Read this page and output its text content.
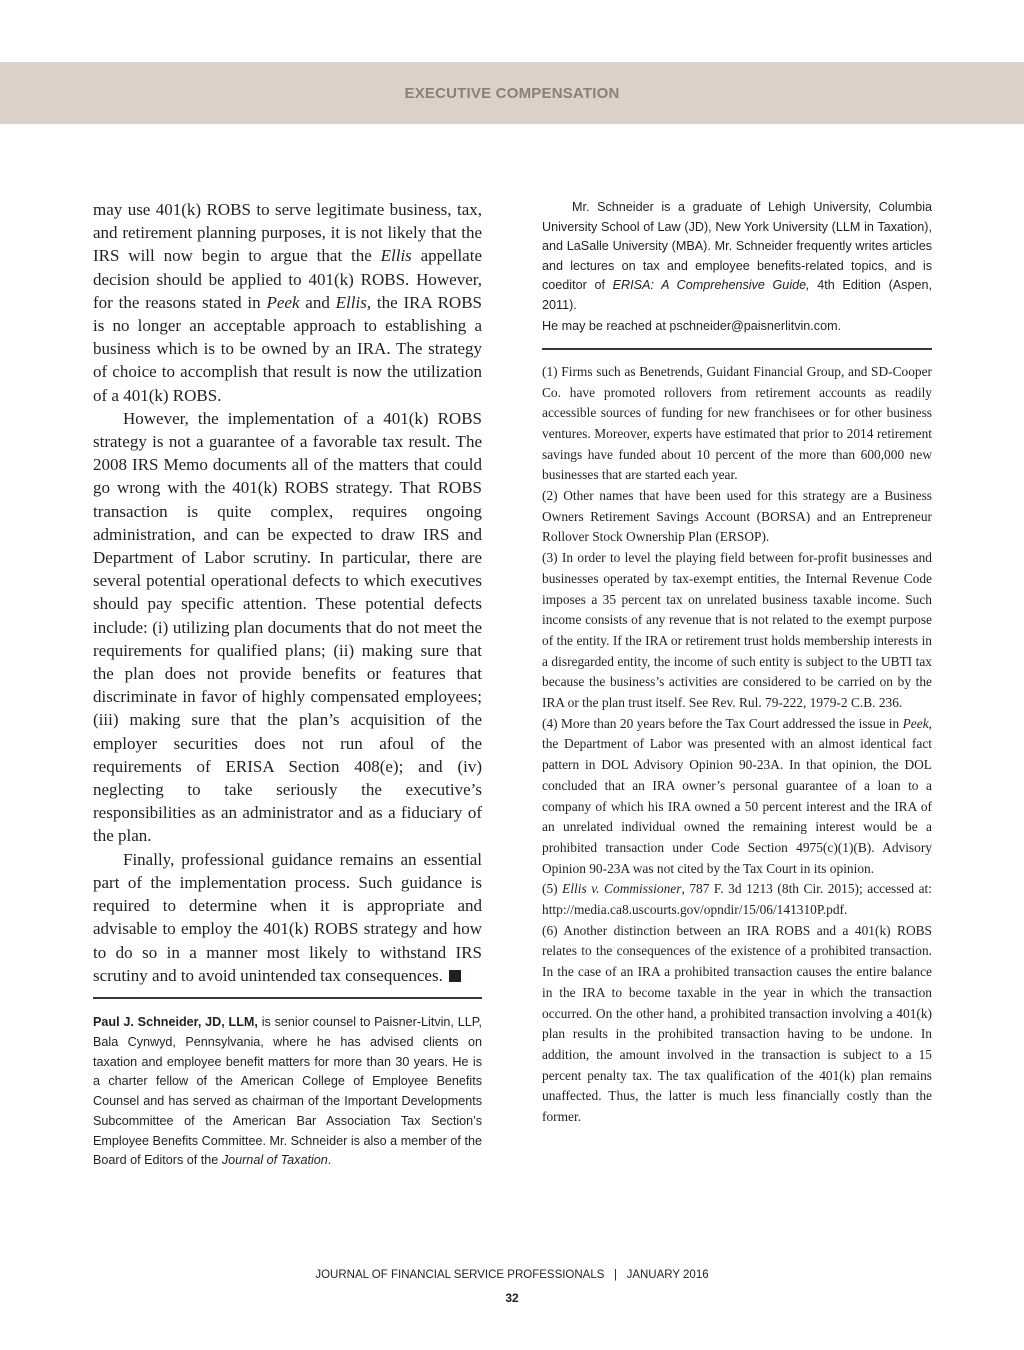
EXECUTIVE COMPENSATION

may use 401(k) ROBS to serve legitimate business, tax, and retirement planning purposes, it is not likely that the IRS will now begin to argue that the Ellis appellate decision should be applied to 401(k) ROBS. However, for the reasons stated in Peek and Ellis, the IRA ROBS is no longer an acceptable approach to establishing a business which is to be owned by an IRA. The strategy of choice to accomplish that result is now the utilization of a 401(k) ROBS.

However, the implementation of a 401(k) ROBS strategy is not a guarantee of a favorable tax result. The 2008 IRS Memo documents all of the matters that could go wrong with the 401(k) ROBS strategy. That ROBS transaction is quite complex, requires ongoing administration, and can be expected to draw IRS and Department of Labor scrutiny. In particular, there are several potential operational defects to which executives should pay specific attention. These potential defects include: (i) utilizing plan documents that do not meet the requirements for qualified plans; (ii) making sure that the plan does not provide benefits or features that discriminate in favor of highly compensated employees; (iii) making sure that the plan’s acquisition of the employer securities does not run afoul of the requirements of ERISA Section 408(e); and (iv) neglecting to take seriously the executive’s responsibilities as an administrator and as a fiduciary of the plan.

Finally, professional guidance remains an essential part of the implementation process. Such guidance is required to determine when it is appropriate and advisable to employ the 401(k) ROBS strategy and how to do so in a manner most likely to withstand IRS scrutiny and to avoid unintended tax consequences.

Paul J. Schneider, JD, LLM, is senior counsel to Paisner-Litvin, LLP, Bala Cynwyd, Pennsylvania, where he has advised clients on taxation and employee benefit matters for more than 30 years. He is a charter fellow of the American College of Employee Benefits Counsel and has served as chairman of the Important Developments Subcommittee of the American Bar Association Tax Section’s Employee Benefits Committee. Mr. Schneider is also a member of the Board of Editors of the Journal of Taxation.

Mr. Schneider is a graduate of Lehigh University, Columbia University School of Law (JD), New York University (LLM in Taxation), and LaSalle University (MBA). Mr. Schneider frequently writes articles and lectures on tax and employee benefits-related topics, and is coeditor of ERISA: A Comprehensive Guide, 4th Edition (Aspen, 2011).

He may be reached at pschneider@paisnerlitvin.com.

(1) Firms such as Benetrends, Guidant Financial Group, and SD-Cooper Co. have promoted rollovers from retirement accounts as readily accessible sources of funding for new franchisees or for other business ventures. Moreover, experts have estimated that prior to 2014 retirement savings have funded about 10 percent of the more than 600,000 new businesses that are started each year.

(2) Other names that have been used for this strategy are a Business Owners Retirement Savings Account (BORSA) and an Entrepreneur Rollover Stock Ownership Plan (ERSOP).

(3) In order to level the playing field between for-profit businesses and businesses operated by tax-exempt entities, the Internal Revenue Code imposes a 35 percent tax on unrelated business taxable income. Such income consists of any revenue that is not related to the exempt purpose of the entity. If the IRA or retirement trust holds membership interests in a disregarded entity, the income of such entity is subject to the UBTI tax because the business’s activities are considered to be carried on by the IRA or the plan trust itself. See Rev. Rul. 79-222, 1979-2 C.B. 236.

(4) More than 20 years before the Tax Court addressed the issue in Peek, the Department of Labor was presented with an almost identical fact pattern in DOL Advisory Opinion 90-23A. In that opinion, the DOL concluded that an IRA owner’s personal guarantee of a loan to a company of which his IRA owned a 50 percent interest and the IRA of an unrelated individual owned the remaining interest would be a prohibited transaction under Code Section 4975(c)(1)(B). Advisory Opinion 90-23A was not cited by the Tax Court in its opinion.

(5) Ellis v. Commissioner, 787 F. 3d 1213 (8th Cir. 2015); accessed at: http://media.ca8.uscourts.gov/opndir/15/06/141310P.pdf.

(6) Another distinction between an IRA ROBS and a 401(k) ROBS relates to the consequences of the existence of a prohibited transaction. In the case of an IRA a prohibited transaction causes the entire balance in the IRA to become taxable in the year in which the transaction occurred. On the other hand, a prohibited transaction involving a 401(k) plan results in the prohibited transaction having to be undone. In addition, the amount involved in the transaction is subject to a 15 percent penalty tax. The tax qualification of the 401(k) plan remains unaffected. Thus, the latter is much less financially costly than the former.

JOURNAL OF FINANCIAL SERVICE PROFESSIONALS   |   JANUARY 2016
32
